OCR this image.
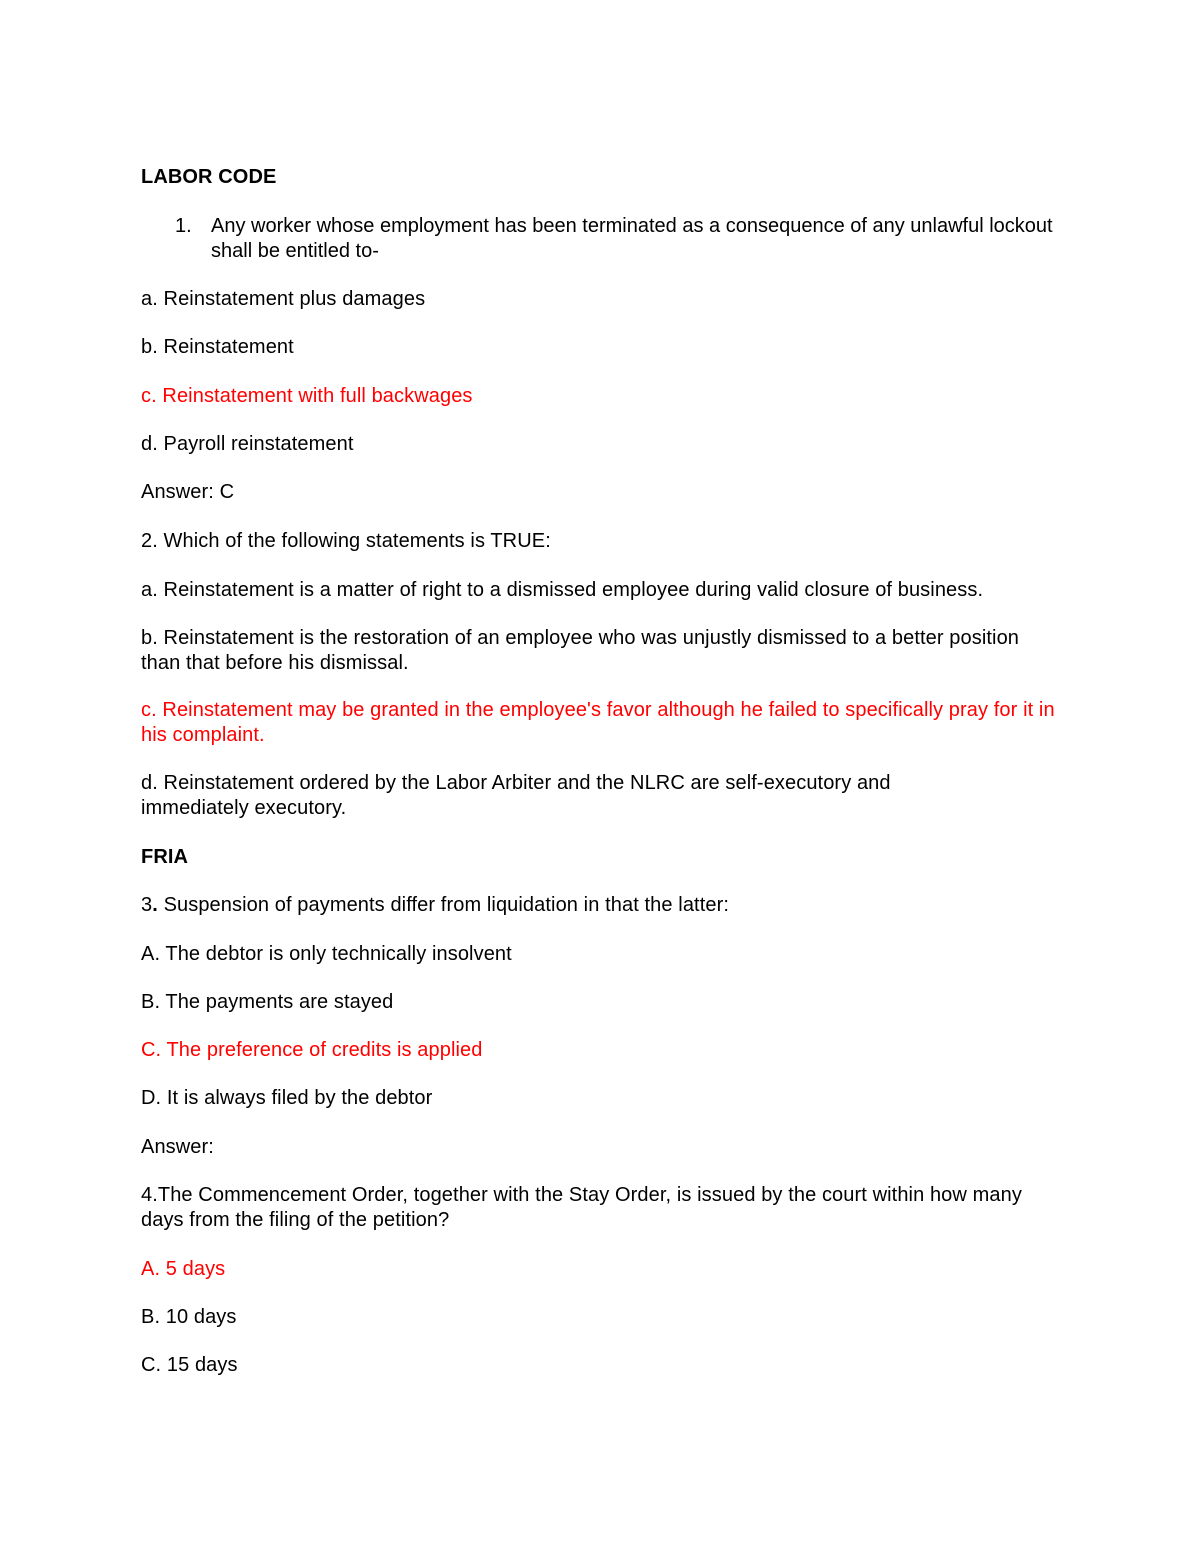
LABOR CODE
1. Any worker whose employment has been terminated as a consequence of any unlawful lockout shall be entitled to-
a. Reinstatement plus damages
b. Reinstatement
c. Reinstatement with full backwages
d. Payroll reinstatement
Answer: C
2. Which of the following statements is TRUE:
a. Reinstatement is a matter of right to a dismissed employee during valid closure of business.
b. Reinstatement is the restoration of an employee who was unjustly dismissed to a better position than that before his dismissal.
c. Reinstatement may be granted in the employee's favor although he failed to specifically pray for it in his complaint.
d. Reinstatement ordered by the Labor Arbiter and the NLRC are self-executory and immediately executory.
FRIA
3. Suspension of payments differ from liquidation in that the latter:
A. The debtor is only technically insolvent
B. The payments are stayed
C. The preference of credits is applied
D. It is always filed by the debtor
Answer:
4.The Commencement Order, together with the Stay Order, is issued by the court within how many days from the filing of the petition?
A. 5 days
B. 10 days
C. 15 days
